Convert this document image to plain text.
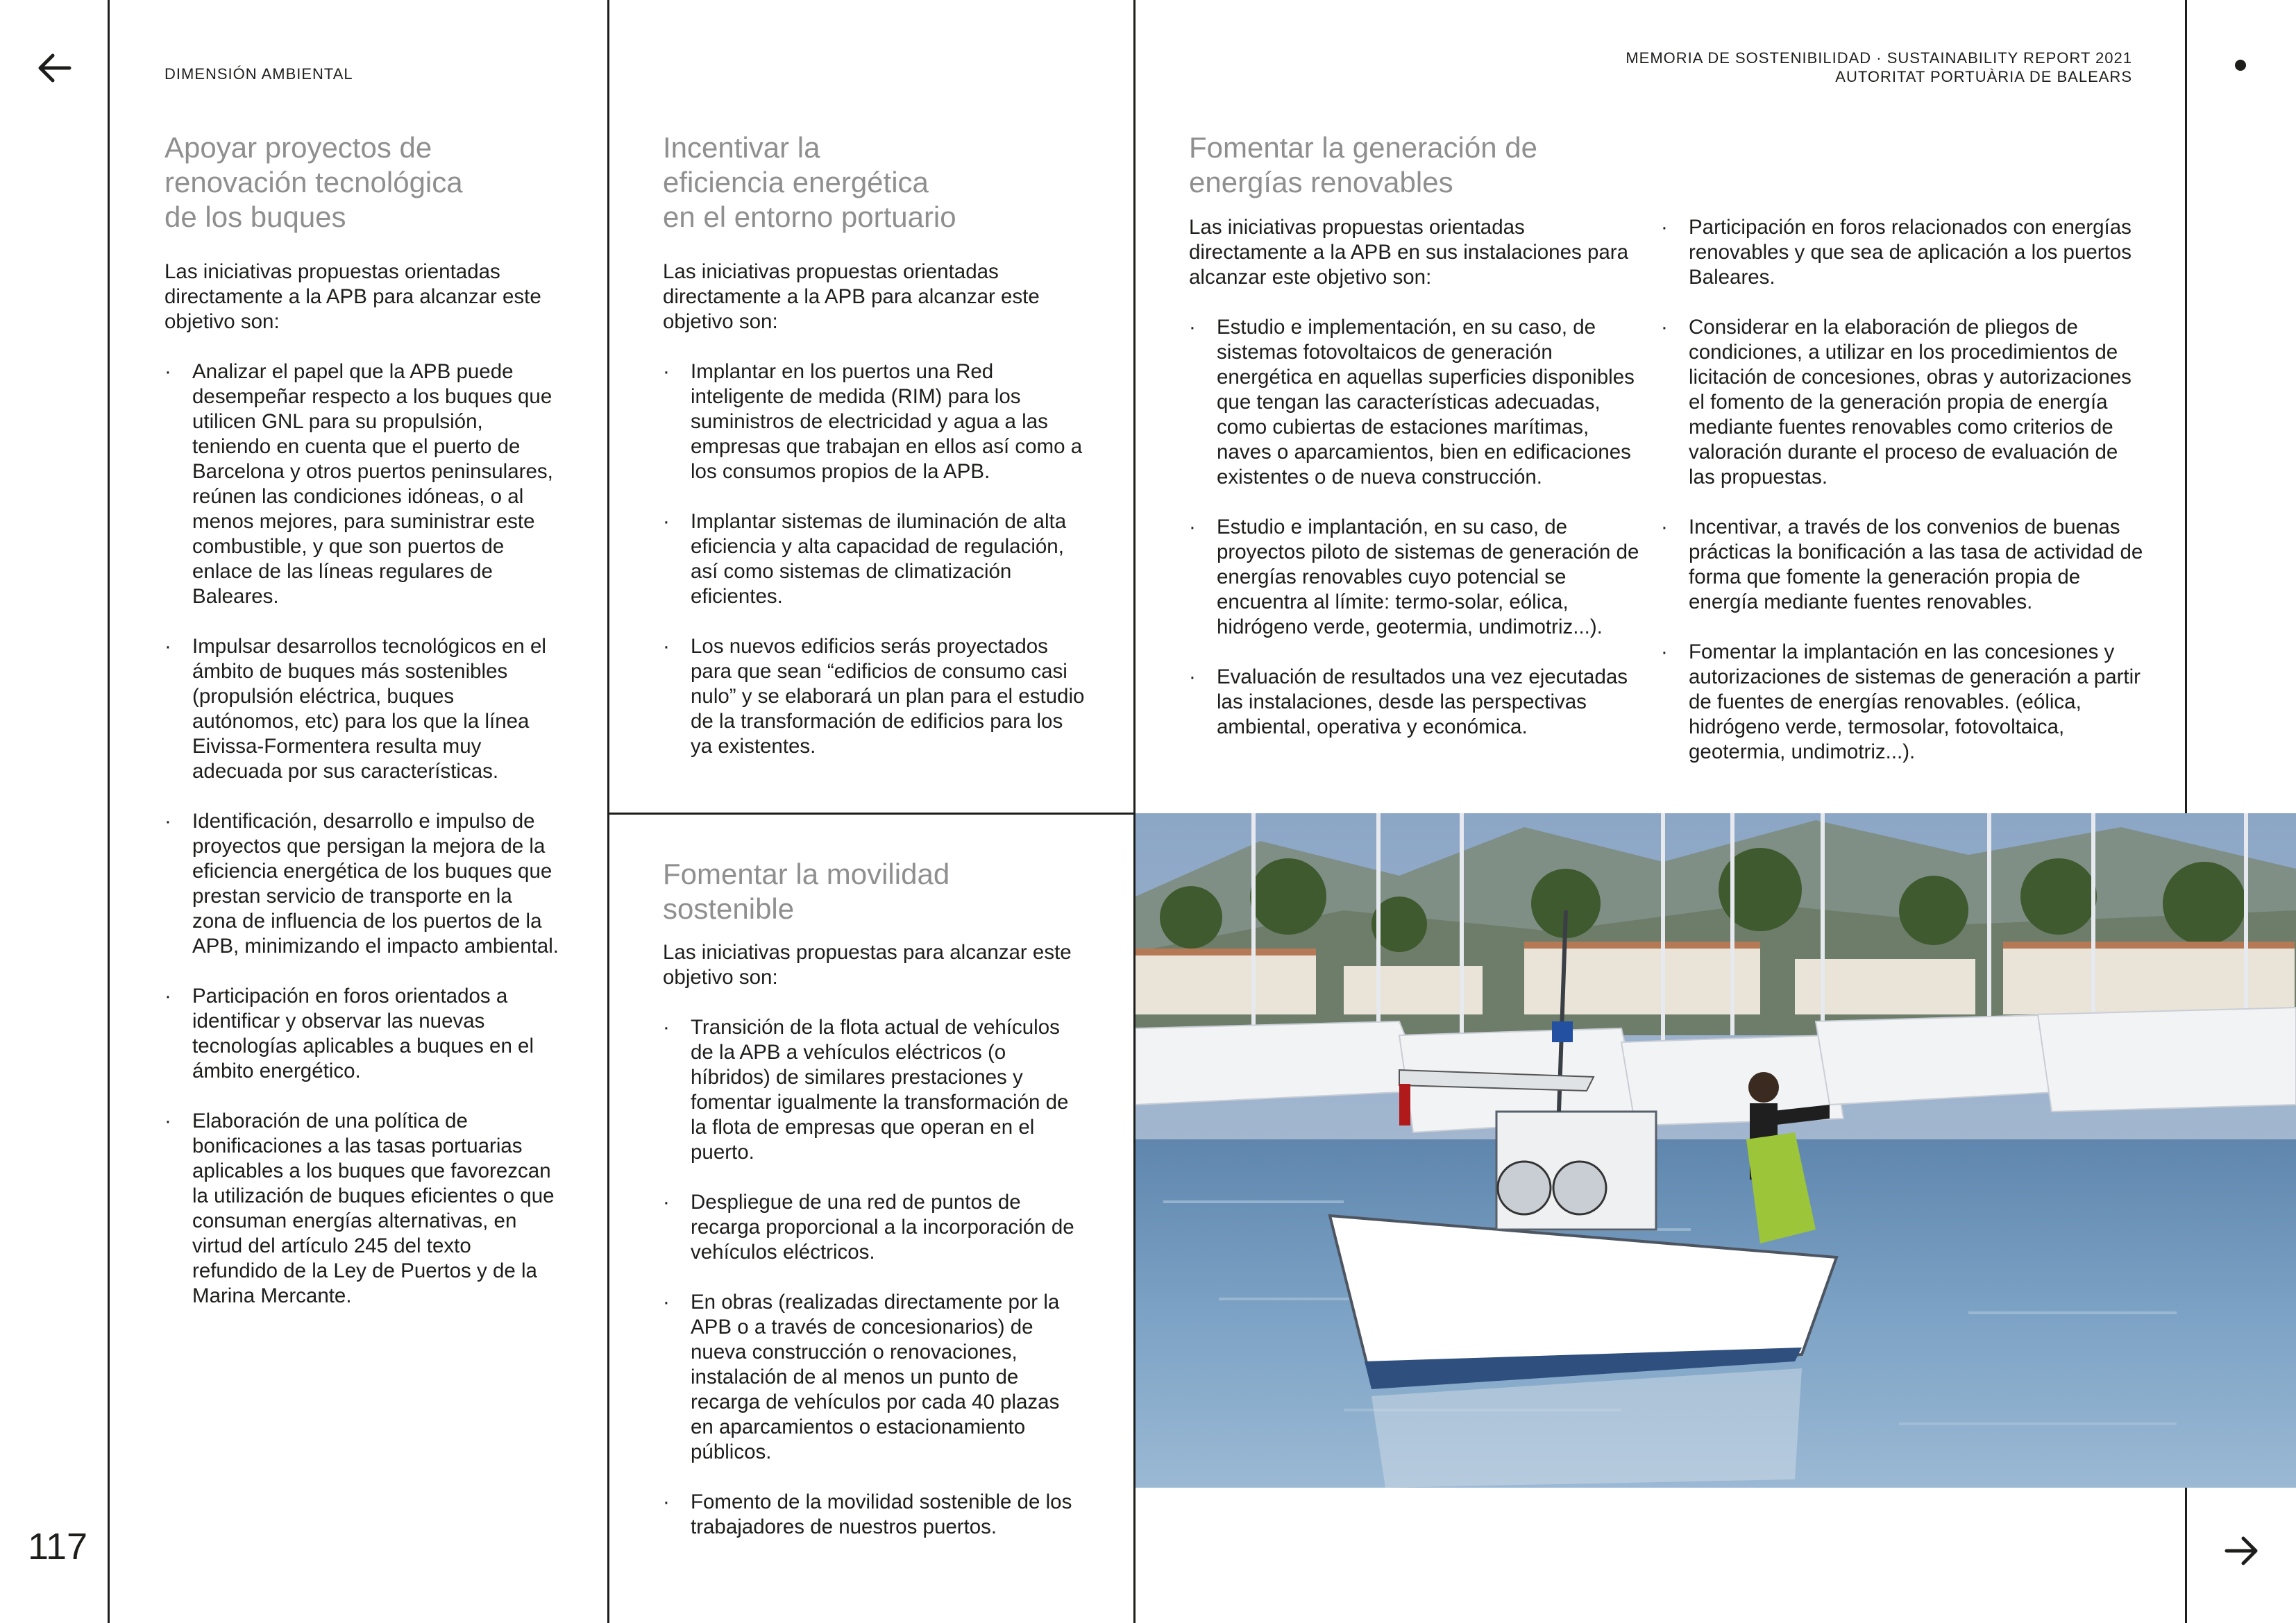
117
DIMENSIÓN AMBIENTAL
MEMORIA DE SOSTENIBILIDAD · SUSTAINABILITY REPORT 2021
AUTORITAT PORTUÀRIA DE BALEARS
Apoyar proyectos de
renovación tecnológica
de los buques

Las iniciativas propuestas orientadas directamente a la APB para alcanzar este objetivo son:

· Analizar el papel que la APB puede desempeñar respecto a los buques que utilicen GNL para su propulsión, teniendo en cuenta que el puerto de Barcelona y otros puertos peninsulares, reúnen las condiciones idóneas, o al menos mejores, para suministrar este combustible, y que son puertos de enlace de las líneas regulares de Baleares.
· Impulsar desarrollos tecnológicos en el ámbito de buques más sostenibles (propulsión eléctrica, buques autónomos, etc) para los que la línea Eivissa-Formentera resulta muy adecuada por sus características.
· Identificación, desarrollo e impulso de proyectos que persigan la mejora de la eficiencia energética de los buques que prestan servicio de transporte en la zona de influencia de los puertos de la APB, minimizando el impacto ambiental.
· Participación en foros orientados a identificar y observar las nuevas tecnologías aplicables a buques en el ámbito energético.
· Elaboración de una política de bonificaciones a las tasas portuarias aplicables a los buques que favorezcan la utilización de buques eficientes o que consuman energías alternativas, en virtud del artículo 245 del texto refundido de la Ley de Puertos y de la Marina Mercante.
Incentivar la
eficiencia energética
en el entorno portuario

Las iniciativas propuestas orientadas directamente a la APB para alcanzar este objetivo son:

· Implantar en los puertos una Red inteligente de medida (RIM) para los suministros de electricidad y agua a las empresas que trabajan en ellos así como a los consumos propios de la APB.
· Implantar sistemas de iluminación de alta eficiencia y alta capacidad de regulación, así como sistemas de climatización eficientes.
· Los nuevos edificios serás proyectados para que sean “edificios de consumo casi nulo” y se elaborará un plan para el estudio de la transformación de edificios para los ya existentes.
Fomentar la movilidad
sostenible

Las iniciativas propuestas para alcanzar este objetivo son:

· Transición de la flota actual de vehículos de la APB a vehículos eléctricos (o híbridos) de similares prestaciones y fomentar igualmente la transformación de la flota de empresas que operan en el puerto.
· Despliegue de una red de puntos de recarga proporcional a la incorporación de vehículos eléctricos.
· En obras (realizadas directamente por la APB o a través de concesionarios) de nueva construcción o renovaciones, instalación de al menos un punto de recarga de vehículos por cada 40 plazas en aparcamientos o estacionamiento públicos.
· Fomento de la movilidad sostenible de los trabajadores de nuestros puertos.
Fomentar la generación de
energías renovables

Las iniciativas propuestas orientadas directamente a la APB en sus instalaciones para alcanzar este objetivo son:

· Estudio e implementación, en su caso, de sistemas fotovoltaicos de generación energética en aquellas superficies disponibles que tengan las características adecuadas, como cubiertas de estaciones marítimas, naves o aparcamientos, bien en edificaciones existentes o de nueva construcción.
· Estudio e implantación, en su caso, de proyectos piloto de sistemas de generación de energías renovables cuyo potencial se encuentra al límite: termo-solar, eólica, hidrógeno verde, geotermia, undimotriz...).
· Evaluación de resultados una vez ejecutadas las instalaciones, desde las perspectivas ambiental, operativa y económica.
· Participación en foros relacionados con energías renovables y que sea de aplicación a los puertos Baleares.
· Considerar en la elaboración de pliegos de condiciones, a utilizar en los procedimientos de licitación de concesiones, obras y autorizaciones el fomento de la generación propia de energía mediante fuentes renovables como criterios de valoración durante el proceso de evaluación de las propuestas.
· Incentivar, a través de los convenios de buenas prácticas la bonificación a las tasa de actividad de forma que fomente la generación propia de energía mediante fuentes renovables.
· Fomentar la implantación en las concesiones y autorizaciones de sistemas de generación a partir de fuentes de energías renovables. (eólica, hidrógeno verde, termosolar, fotovoltaica, geotermia, undimotriz...).
